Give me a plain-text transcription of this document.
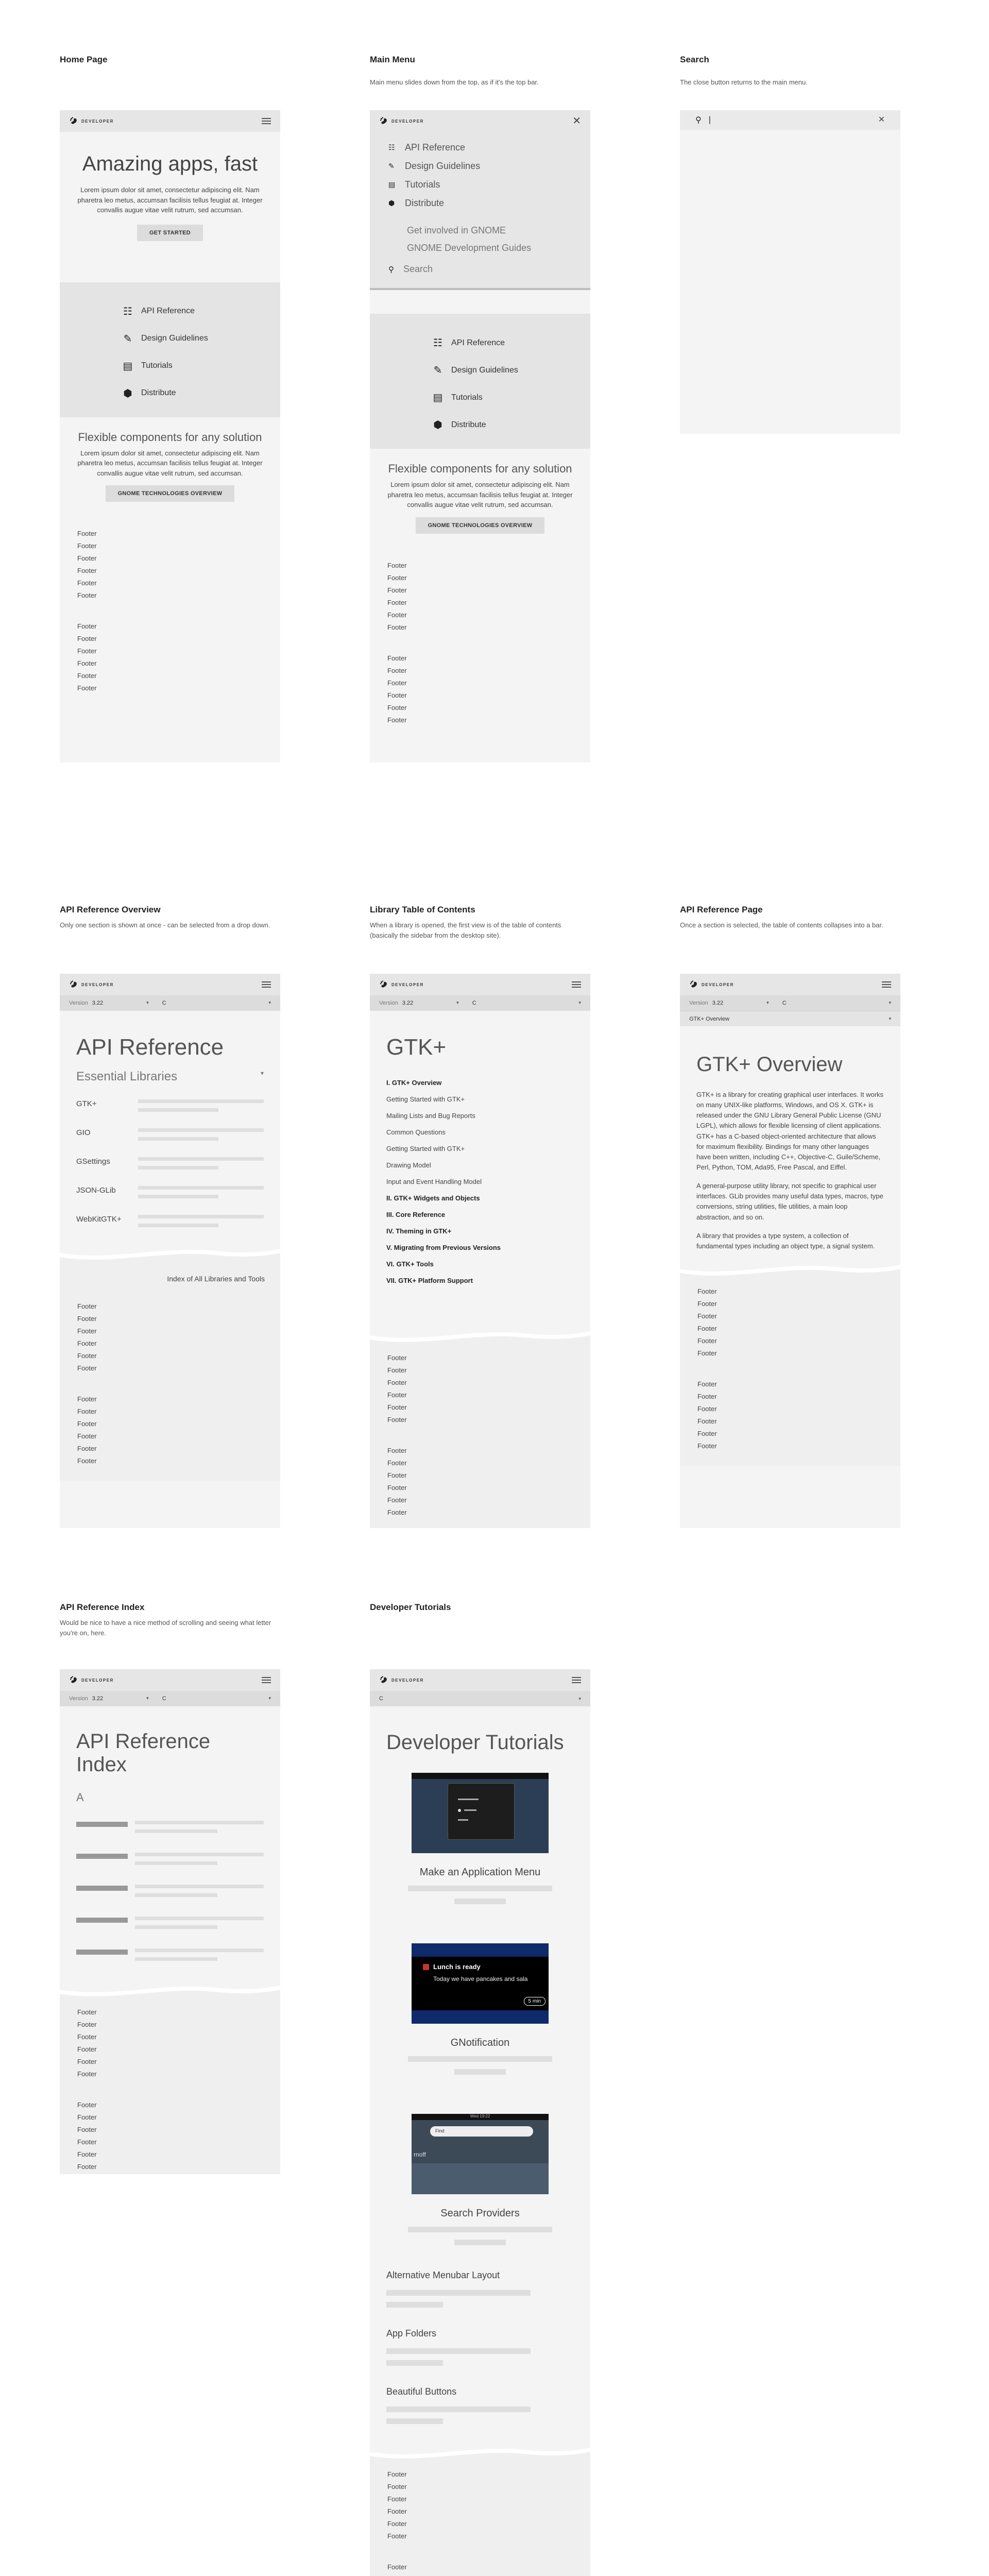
Home Page	Main Menu
Main menu slides down from the top, as if it's the top bar.
Search
The close button returns to the main menu.
API Reference Overview
Only one section is shown at once - can be selected from a drop down.
Library Table of Contents
When a library is opened, the first view is of the table of contents (basically the sidebar from the desktop site).
API Reference Page
Once a section is selected, the table of contents collapses into a bar.
API Reference Index
Would be nice to have a nice method of scrolling and seeing what letter you're on, here.
Developer Tutorials
DEVELOPER
Amazing apps, fast

Lorem ipsum dolor sit amet, consectetur adipiscing elit. Nam pharetra leo metus, accumsan facilisis tellus feugiat at. Integer convallis augue vitae velit rutrum, sed accumsan.

GET STARTED
☷ API Reference
✎ Design Guidelines
▤ Tutorials
⬢ Distribute
Flexible components for any solution

Lorem ipsum dolor sit amet, consectetur adipiscing elit. Nam pharetra leo metus, accumsan facilisis tellus feugiat at. Integer convallis augue vitae velit rutrum, sed accumsan.

GNOME TECHNOLOGIES OVERVIEW
Footer
Footer
Footer
Footer
Footer
Footer
Footer
Footer
Footer
Footer
Footer
Footer
DEVELOPER	✕
☷ API Reference
✎ Design Guidelines
▤ Tutorials
⬢ Distribute
Get involved in GNOME
GNOME Development Guides
⚲ Search
☷ API Reference
✎ Design Guidelines
▤ Tutorials
⬢ Distribute
Flexible components for any solution

Lorem ipsum dolor sit amet, consectetur adipiscing elit. Nam pharetra leo metus, accumsan facilisis tellus feugiat at. Integer convallis augue vitae velit rutrum, sed accumsan.

GNOME TECHNOLOGIES OVERVIEW
Footer
Footer
Footer
Footer
Footer
Footer
Footer
Footer
Footer
Footer
Footer
Footer
⚲ |	✕
DEVELOPER
Version 3.22	▾ C	▾
API Reference
Essential Libraries	▾
GTK+
GIO
GSettings
JSON-GLib
WebKitGTK+
Index of All Libraries and Tools
Footer
Footer
Footer
Footer
Footer
Footer
Footer
Footer
Footer
Footer
Footer
Footer
DEVELOPER
Version 3.22	▾ C	▾
GTK+
I. GTK+ Overview
Getting Started with GTK+
Mailing Lists and Bug Reports
Common Questions
Getting Started with GTK+
Drawing Model
Input and Event Handling Model
II. GTK+ Widgets and Objects
III. Core Reference
IV. Theming in GTK+
V. Migrating from Previous Versions
VI. GTK+ Tools
VII. GTK+ Platform Support
Footer
Footer
Footer
Footer
Footer
Footer
Footer
Footer
Footer
Footer
Footer
Footer
DEVELOPER
Version 3.22	▾ C	▾
GTK+ Overview	▾
GTK+ Overview

GTK+ is a library for creating graphical user interfaces. It works on many UNIX-like platforms, Windows, and OS X. GTK+ is released under the GNU Library General Public License (GNU LGPL), which allows for flexible licensing of client applications. GTK+ has a C-based object-oriented architecture that allows for maximum flexibility. Bindings for many other languages have been written, including C++, Objective-C, Guile/Scheme, Perl, Python, TOM, Ada95, Free Pascal, and Eiffel.

A general-purpose utility library, not specific to graphical user interfaces. GLib provides many useful data types, macros, type conversions, string utilities, file utilities, a main loop abstraction, and so on.

A library that provides a type system, a collection of fundamental types including an object type, a signal system.

Footer
Footer
Footer
Footer
Footer
Footer
Footer
Footer
Footer
Footer
Footer
Footer
DEVELOPER
Version 3.22	▾ C	▾
API Reference Index
A
Footer
Footer
Footer
Footer
Footer
Footer
Footer
Footer
Footer
Footer
Footer
Footer
DEVELOPER
C	▾
Developer Tutorials
Make an Application Menu
Lunch is ready
Today we have pancakes and sala
5 min
GNotification
Wed 19:22
Find
rnoff
Search Providers
Alternative Menubar Layout
App Folders
Beautiful Buttons
Footer
Footer
Footer
Footer
Footer
Footer
Footer
